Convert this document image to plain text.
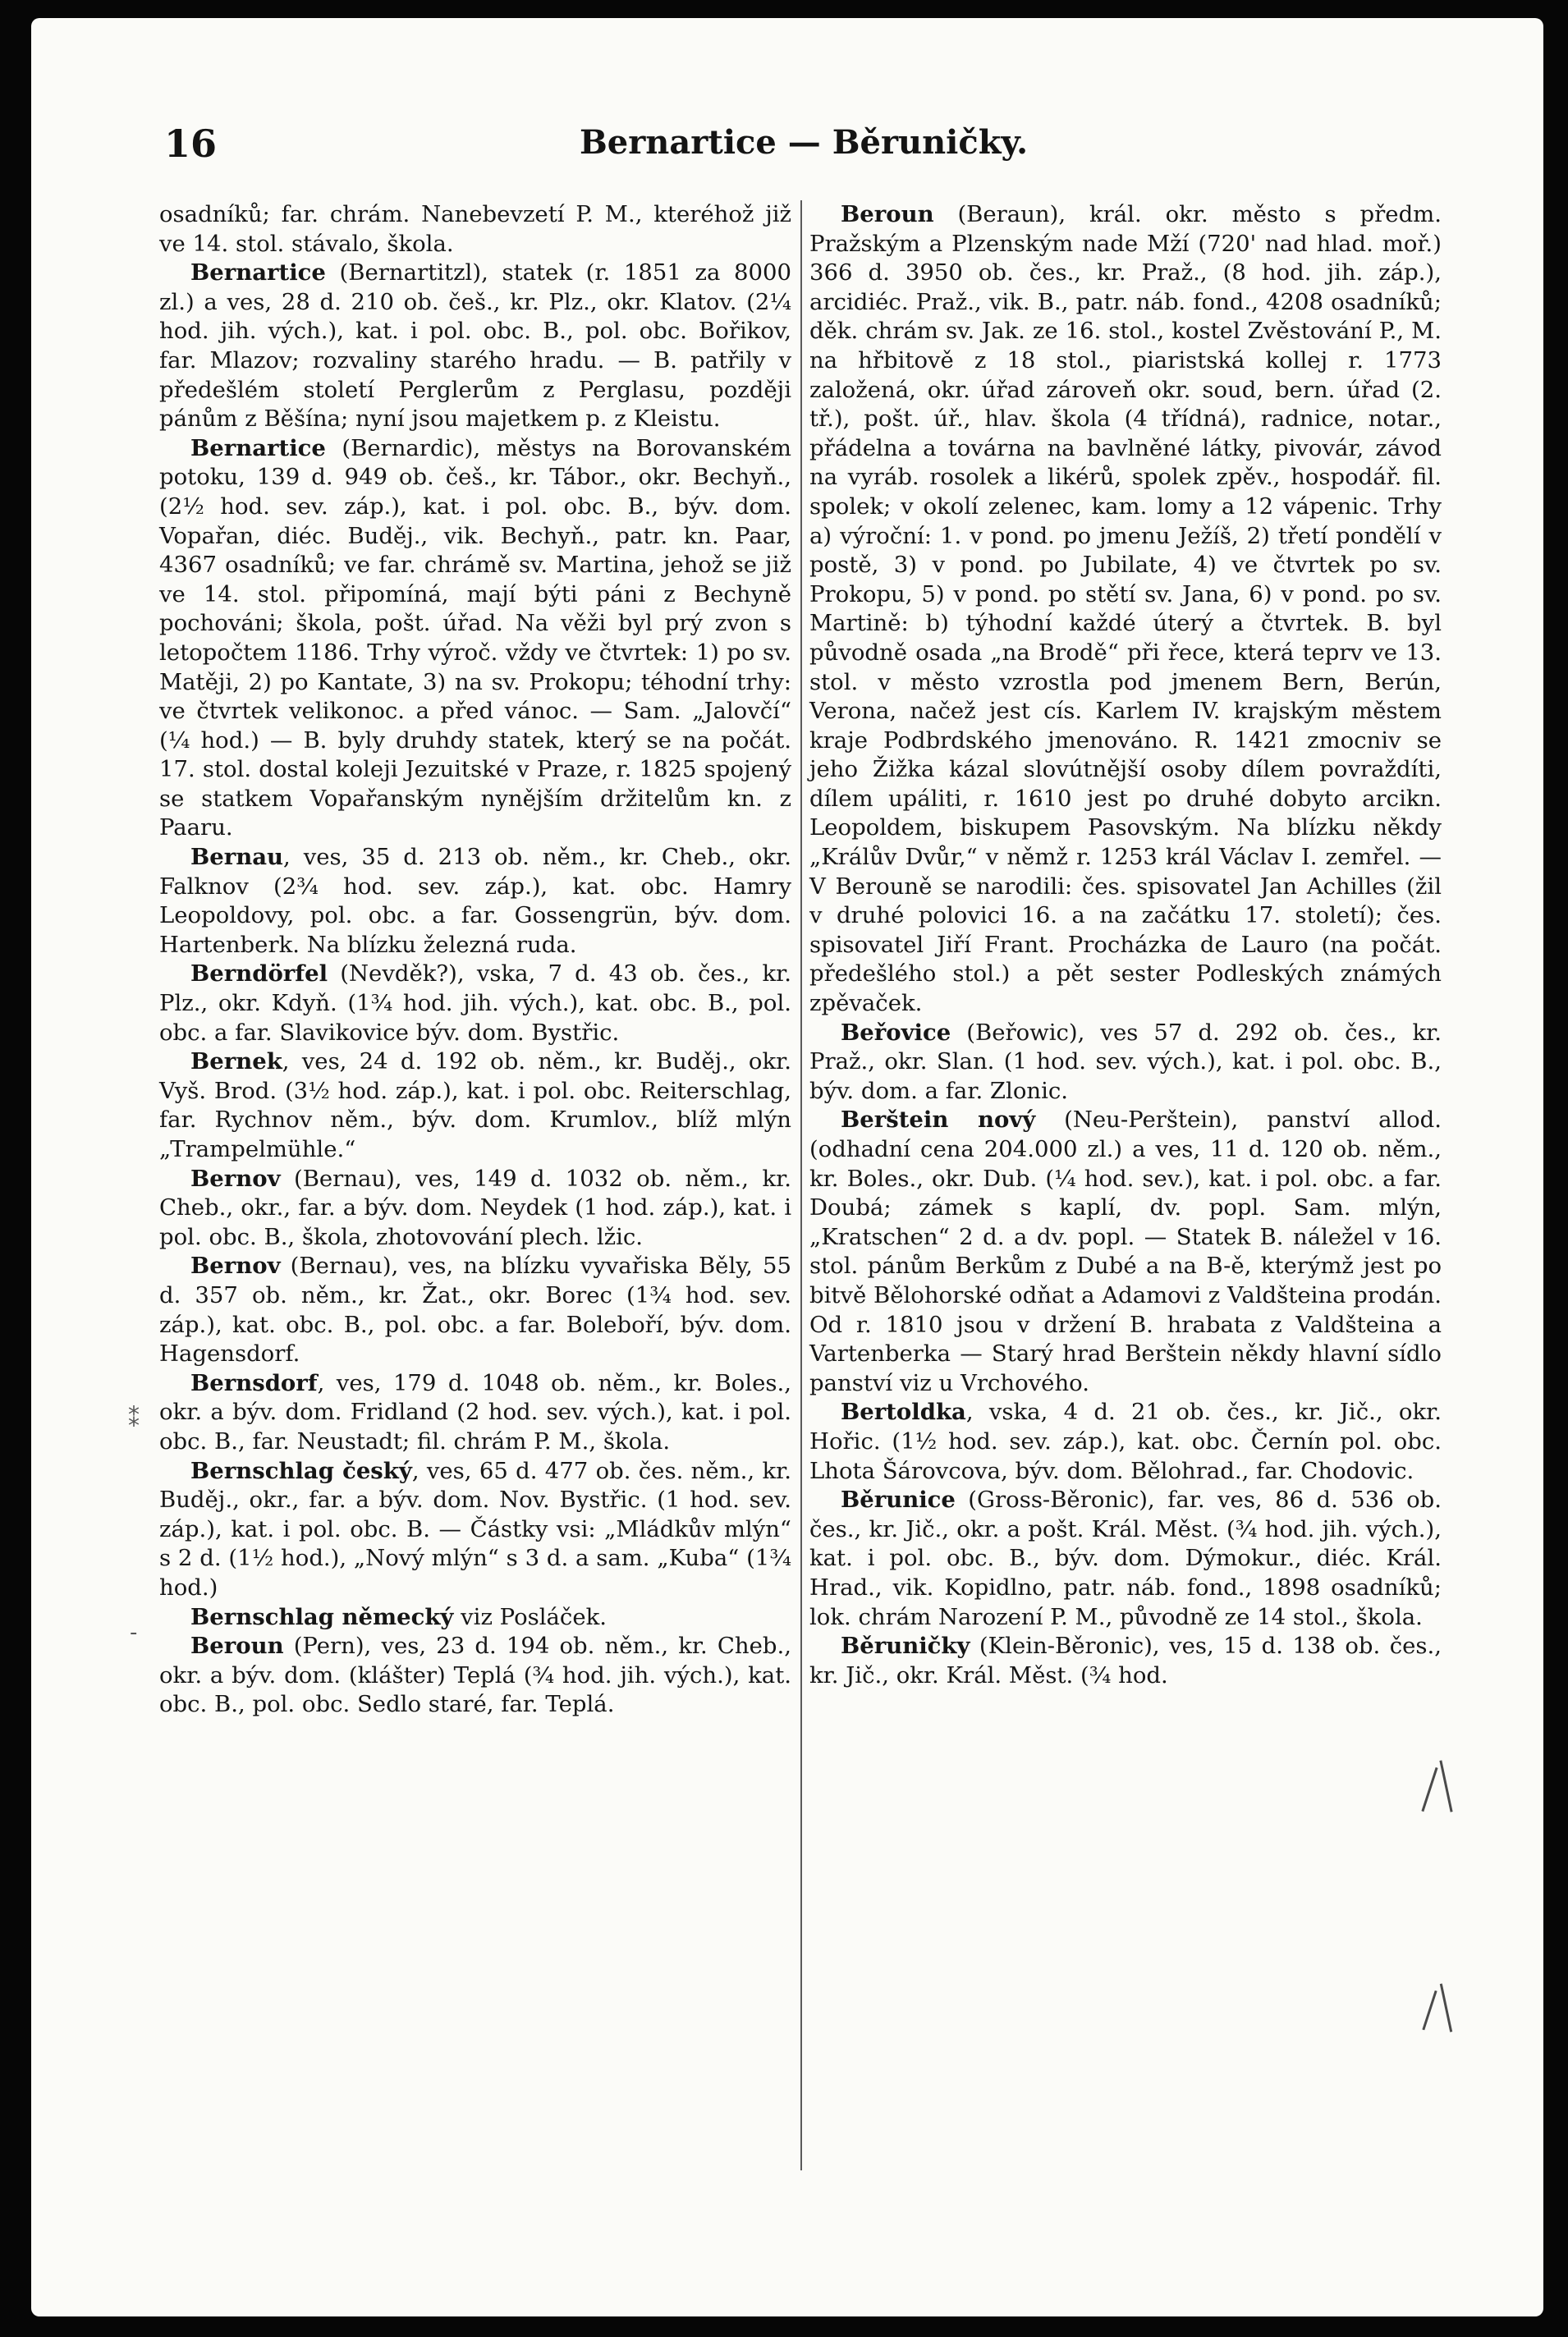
16	Bernartice — Běruničky.

osadníků; far. chrám. Nanebevzetí P. M., kteréhož již ve 14. stol. stávalo, škola.

Bernartice (Bernartitzl), statek (r. 1851 za 8000 zl.) a ves, 28 d. 210 ob. češ., kr. Plz., okr. Klatov. (2¼ hod. jih. vých.), kat. i pol. obc. B., pol. obc. Bořikov, far. Mlazov; rozvaliny starého hradu. — B. patřily v předešlém století Perglerům z Perglasu, později pánům z Běšína; nyní jsou majetkem p. z Kleistu.

Bernartice (Bernardic), městys na Borovanském potoku, 139 d. 949 ob. češ., kr. Tábor., okr. Bechyň., (2½ hod. sev. záp.), kat. i pol. obc. B., býv. dom. Vopařan, diéc. Buděj., vik. Bechyň., patr. kn. Paar, 4367 osadníků; ve far. chrámě sv. Martina, jehož se již ve 14. stol. připomíná, mají býti páni z Bechyně pochováni; škola, pošt. úřad. Na věži byl prý zvon s letopočtem 1186. Trhy výroč. vždy ve čtvrtek: 1) po sv. Matěji, 2) po Kantate, 3) na sv. Prokopu; téhodní trhy: ve čtvrtek velikonoc. a před vánoc. — Sam. „Jalovčí“ (¼ hod.) — B. byly druhdy statek, který se na počát. 17. stol. dostal koleji Jezuitské v Praze, r. 1825 spojený se statkem Vopařanským nynějším držitelům kn. z Paaru.

Bernau, ves, 35 d. 213 ob. něm., kr. Cheb., okr. Falknov (2¾ hod. sev. záp.), kat. obc. Hamry Leopoldovy, pol. obc. a far. Gossengrün, býv. dom. Hartenberk. Na blízku železná ruda.

Berndörfel (Nevděk?), vska, 7 d. 43 ob. čes., kr. Plz., okr. Kdyň. (1¾ hod. jih. vých.), kat. obc. B., pol. obc. a far. Slavikovice býv. dom. Bystřic.

Bernek, ves, 24 d. 192 ob. něm., kr. Buděj., okr. Vyš. Brod. (3½ hod. záp.), kat. i pol. obc. Reiterschlag, far. Rychnov něm., býv. dom. Krumlov., blíž mlýn „Trampelmühle.“

Bernov (Bernau), ves, 149 d. 1032 ob. něm., kr. Cheb., okr., far. a býv. dom. Neydek (1 hod. záp.), kat. i pol. obc. B., škola, zhotovování plech. lžic.

Bernov (Bernau), ves, na blízku vyvařiska Běly, 55 d. 357 ob. něm., kr. Žat., okr. Borec (1¾ hod. sev. záp.), kat. obc. B., pol. obc. a far. Boleboří, býv. dom. Hagensdorf.

Bernsdorf, ves, 179 d. 1048 ob. něm., kr. Boles., okr. a býv. dom. Fridland (2 hod. sev. vých.), kat. i pol. obc. B., far. Neustadt; fil. chrám P. M., škola.

Bernschlag český, ves, 65 d. 477 ob. čes. něm., kr. Buděj., okr., far. a býv. dom. Nov. Bystřic. (1 hod. sev. záp.), kat. i pol. obc. B. — Částky vsi: „Mládkův mlýn“ s 2 d. (1½ hod.), „Nový mlýn“ s 3 d. a sam. „Kuba“ (1¾ hod.)

Bernschlag německý viz Posláček.

Beroun (Pern), ves, 23 d. 194 ob. něm., kr. Cheb., okr. a býv. dom. (klášter) Teplá (¾ hod. jih. vých.), kat. obc. B., pol. obc. Sedlo staré, far. Teplá.

Beroun (Beraun), král. okr. město s předm. Pražským a Plzenským nade Mží (720' nad hlad. moř.) 366 d. 3950 ob. čes., kr. Praž., (8 hod. jih. záp.), arcidiéc. Praž., vik. B., patr. náb. fond., 4208 osadníků; děk. chrám sv. Jak. ze 16. stol., kostel Zvěstování P., M. na hřbitově z 18 stol., piaristská kollej r. 1773 založená, okr. úřad zároveň okr. soud, bern. úřad (2. tř.), pošt. úř., hlav. škola (4 třídná), radnice, notar., přádelna a továrna na bavlněné látky, pivovár, závod na vyráb. rosolek a likérů, spolek zpěv., hospodář. fil. spolek; v okolí zelenec, kam. lomy a 12 vápenic. Trhy a) výroční: 1. v pond. po jmenu Ježíš, 2) třetí pondělí v postě, 3) v pond. po Jubilate, 4) ve čtvrtek po sv. Prokopu, 5) v pond. po stětí sv. Jana, 6) v pond. po sv. Martině: b) týhodní každé úterý a čtvrtek. B. byl původně osada „na Brodě“ při řece, která teprv ve 13. stol. v město vzrostla pod jmenem Bern, Berún, Verona, načež jest cís. Karlem IV. krajským městem kraje Podbrdského jmenováno. R. 1421 zmocniv se jeho Žižka kázal slovútnější osoby dílem povraždíti, dílem upáliti, r. 1610 jest po druhé dobyto arcikn. Leopoldem, biskupem Pasovským. Na blízku někdy „Králův Dvůr,“ v němž r. 1253 král Václav I. zemřel. — V Berouně se narodili: čes. spisovatel Jan Achilles (žil v druhé polovici 16. a na začátku 17. století); čes. spisovatel Jiří Frant. Procházka de Lauro (na počát. předešlého stol.) a pět sester Podleských známých zpěvaček.

Beřovice (Beřowic), ves 57 d. 292 ob. čes., kr. Praž., okr. Slan. (1 hod. sev. vých.), kat. i pol. obc. B., býv. dom. a far. Zlonic.

Berštein nový (Neu-Perštein), panství allod. (odhadní cena 204.000 zl.) a ves, 11 d. 120 ob. něm., kr. Boles., okr. Dub. (¼ hod. sev.), kat. i pol. obc. a far. Doubá; zámek s kaplí, dv. popl. Sam. mlýn, „Kratschen“ 2 d. a dv. popl. — Statek B. náležel v 16. stol. pánům Berkům z Dubé a na B-ě, kterýmž jest po bitvě Bělohorské odňat a Adamovi z Valdšteina prodán. Od r. 1810 jsou v držení B. hrabata z Valdšteina a Vartenberka — Starý hrad Berštein někdy hlavní sídlo panství viz u Vrchového.

Bertoldka, vska, 4 d. 21 ob. čes., kr. Jič., okr. Hořic. (1½ hod. sev. záp.), kat. obc. Černín pol. obc. Lhota Šárovcova, býv. dom. Bělohrad., far. Chodovic.

Běrunice (Gross-Běronic), far. ves, 86 d. 536 ob. čes., kr. Jič., okr. a pošt. Král. Měst. (¾ hod. jih. vých.), kat. i pol. obc. B., býv. dom. Dýmokur., diéc. Král. Hrad., vik. Kopidlno, patr. náb. fond., 1898 osadníků; lok. chrám Narození P. M., původně ze 14 stol., škola.

Běruničky (Klein-Běronic), ves, 15 d. 138 ob. čes., kr. Jič., okr. Král. Měst. (¾ hod.

⁑
-
